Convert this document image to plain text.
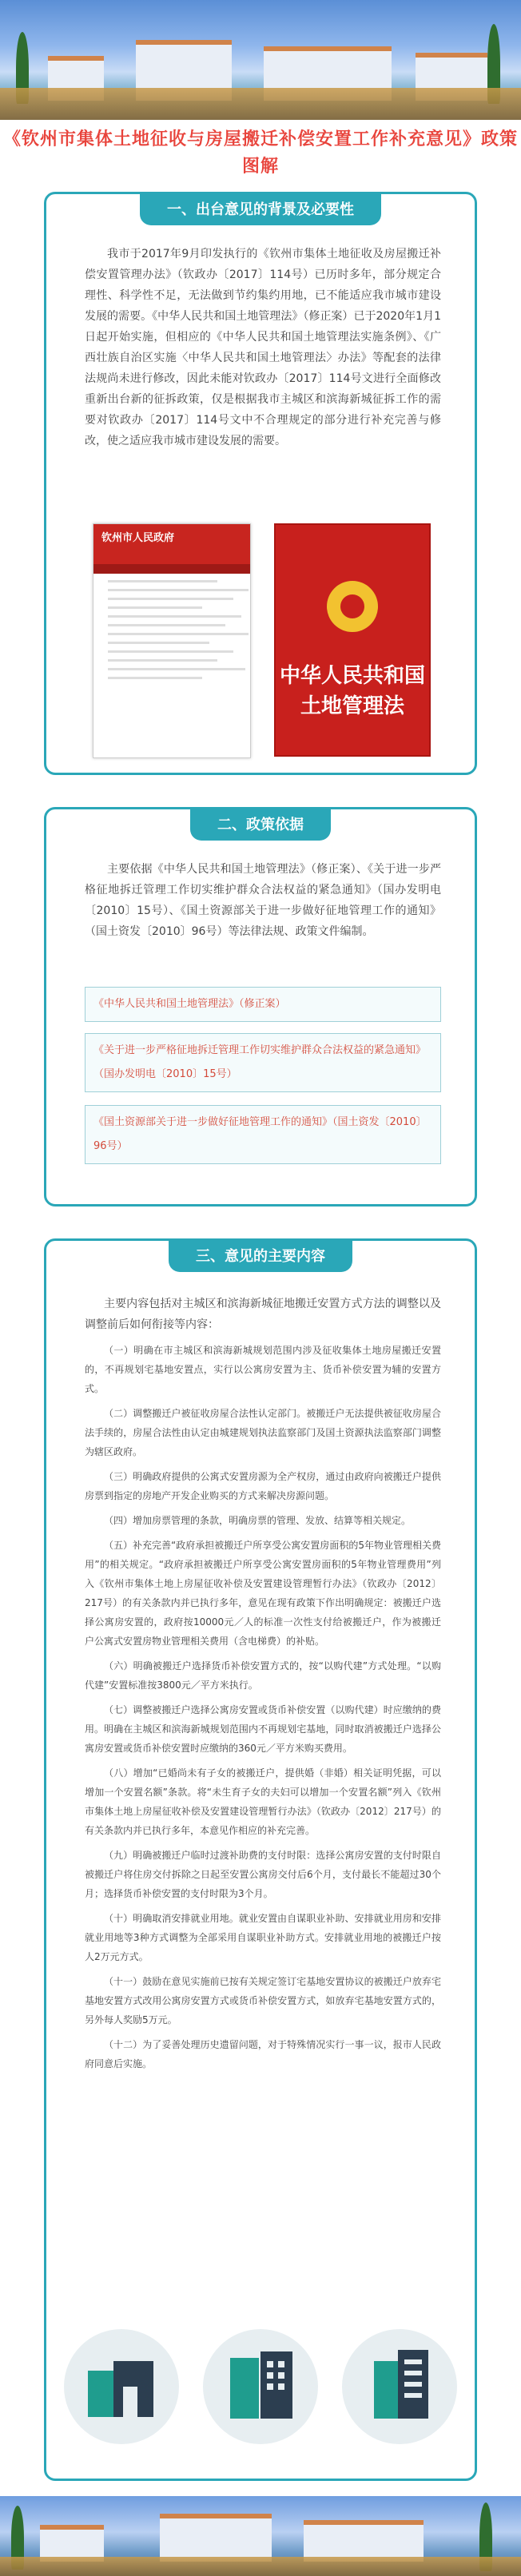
《钦州市集体土地征收与房屋搬迁补偿安置工作补充意见》政策图解
一、出台意见的背景及必要性
我市于2017年9月印发执行的《钦州市集体土地征收及房屋搬迁补偿安置管理办法》（钦政办〔2017〕114号）已历时多年，部分规定合理性、科学性不足，无法做到节约集约用地，已不能适应我市城市建设发展的需要。《中华人民共和国土地管理法》（修正案）已于2020年1月1日起开始实施，但相应的《中华人民共和国土地管理法实施条例》、《广西壮族自治区实施〈中华人民共和国土地管理法〉办法》等配套的法律法规尚未进行修改，因此未能对钦政办〔2017〕114号文进行全面修改重新出台新的征拆政策，仅是根据我市主城区和滨海新城征拆工作的需要对钦政办〔2017〕114号文中不合理规定的部分进行补充完善与修改，使之适应我市城市建设发展的需要。
钦州市人民政府
中华人民共和国土地管理法
二、政策依据
主要依据《中华人民共和国土地管理法》（修正案）、《关于进一步严格征地拆迁管理工作切实维护群众合法权益的紧急通知》（国办发明电〔2010〕15号）、《国土资源部关于进一步做好征地管理工作的通知》（国土资发〔2010〕96号）等法律法规、政策文件编制。
《中华人民共和国土地管理法》（修正案）
《关于进一步严格征地拆迁管理工作切实维护群众合法权益的紧急通知》（国办发明电〔2010〕15号）
《国土资源部关于进一步做好征地管理工作的通知》（国土资发〔2010〕96号）
三、意见的主要内容

主要内容包括对主城区和滨海新城征地搬迁安置方式方法的调整以及调整前后如何衔接等内容：

（一）明确在市主城区和滨海新城规划范围内涉及征收集体土地房屋搬迁安置的，不再规划宅基地安置点，实行以公寓房安置为主、货币补偿安置为辅的安置方式。

（二）调整搬迁户被征收房屋合法性认定部门。被搬迁户无法提供被征收房屋合法手续的，房屋合法性由认定由城建规划执法监察部门及国土资源执法监察部门调整为辖区政府。

（三）明确政府提供的公寓式安置房源为全产权房，通过由政府向被搬迁户提供房票到指定的房地产开发企业购买的方式来解决房源问题。

（四）增加房票管理的条款，明确房票的管理、发放、结算等相关规定。

（五）补充完善“政府承担被搬迁户所享受公寓安置房面积的5年物业管理相关费用”的相关规定。“政府承担被搬迁户所享受公寓安置房面积的5年物业管理费用”列入《钦州市集体土地上房屋征收补偿及安置建设管理暂行办法》（钦政办〔2012〕217号）的有关条款内并已执行多年，意见在现有政策下作出明确规定：被搬迁户选择公寓房安置的，政府按10000元／人的标准一次性支付给被搬迁户，作为被搬迁户公寓式安置房物业管理相关费用（含电梯费）的补贴。

（六）明确被搬迁户选择货币补偿安置方式的，按“以购代建”方式处理。“以购代建”安置标准按3800元／平方米执行。

（七）调整被搬迁户选择公寓房安置或货币补偿安置（以购代建）时应缴纳的费用。明确在主城区和滨海新城规划范围内不再规划宅基地，同时取消被搬迁户选择公寓房安置或货币补偿安置时应缴纳的360元／平方米购买费用。

（八）增加“已婚尚未有子女的被搬迁户，提供婚（非婚）相关证明凭据，可以增加一个安置名额”条款。将“未生育子女的夫妇可以增加一个安置名额”列入《钦州市集体土地上房屋征收补偿及安置建设管理暂行办法》（钦政办〔2012〕217号）的有关条款内并已执行多年，本意见作相应的补充完善。

（九）明确被搬迁户临时过渡补助费的支付时限：选择公寓房安置的支付时限自被搬迁户将住房交付拆除之日起至安置公寓房交付后6个月，支付最长不能超过30个月；选择货币补偿安置的支付时限为3个月。

（十）明确取消安排就业用地。就业安置由自谋职业补助、安排就业用房和安排就业用地等3种方式调整为全部采用自谋职业补助方式。安排就业用地的被搬迁户按人2万元方式。

（十一）鼓励在意见实施前已按有关规定签订宅基地安置协议的被搬迁户放弃宅基地安置方式改用公寓房安置方式或货币补偿安置方式，如放弃宅基地安置方式的，另外每人奖励5万元。

（十二）为了妥善处理历史遗留问题，对于特殊情况实行一事一议，报市人民政府同意后实施。
